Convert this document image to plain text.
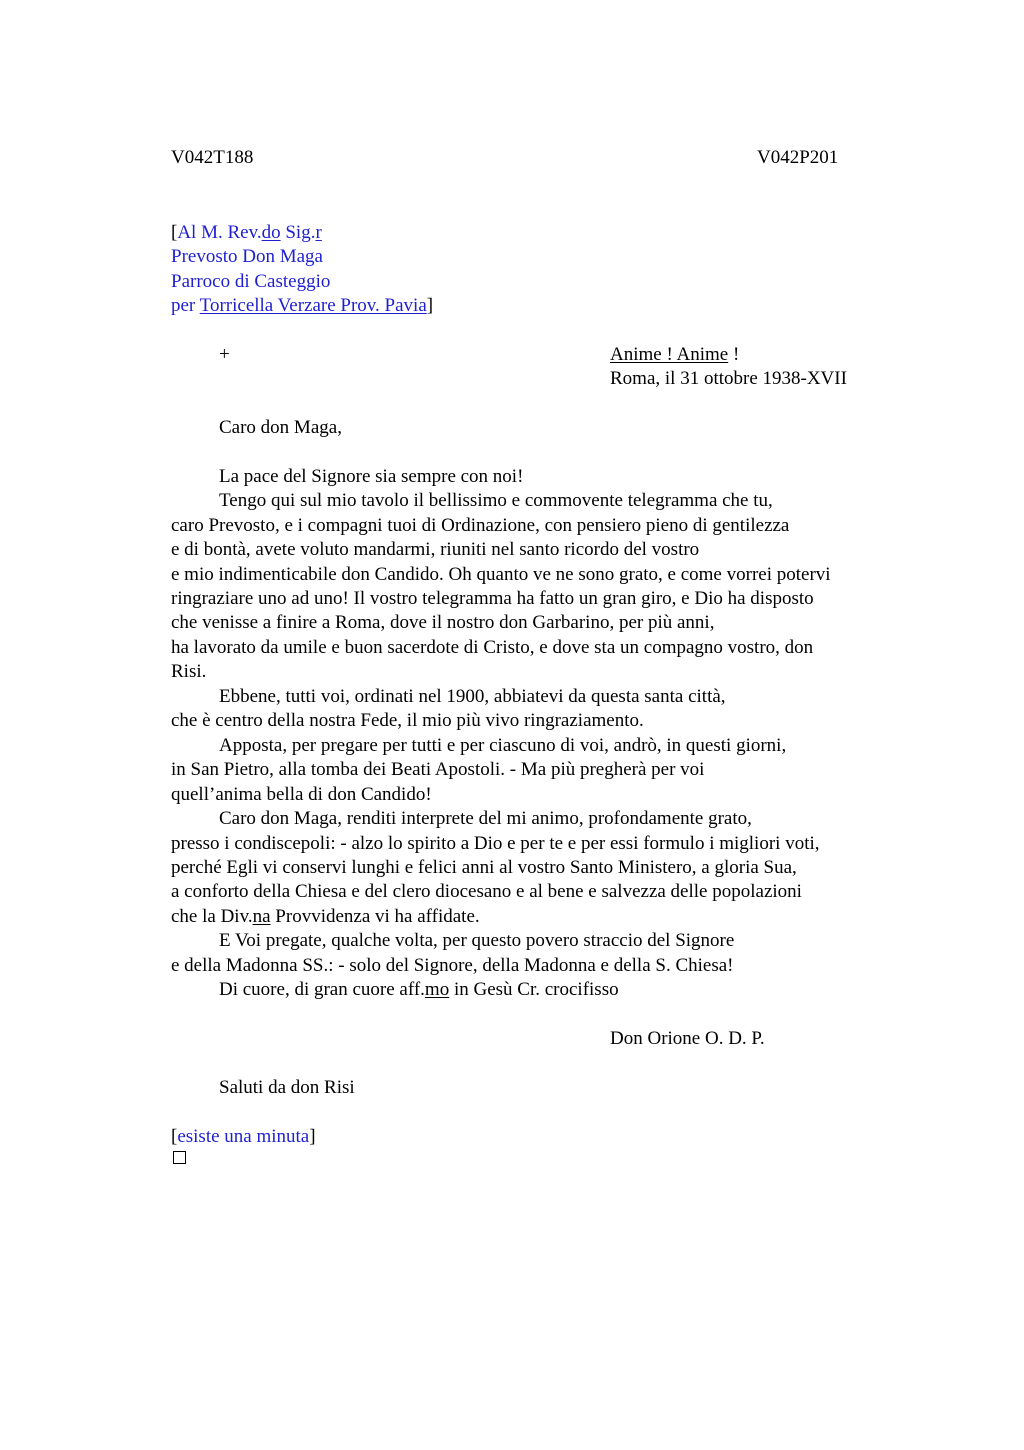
V042T188	V042P201
[Al M. Rev.do Sig.r
Prevosto Don Maga
Parroco di Casteggio
per Torricella Verzare Prov. Pavia]
+	Anime ! Anime !
Roma, il 31 ottobre 1938-XVII
Caro don Maga,
La pace del Signore sia sempre con noi!
Tengo qui sul mio tavolo il bellissimo e commovente telegramma che tu,
caro Prevosto, e i compagni tuoi di Ordinazione, con pensiero pieno di gentilezza
e di bontà, avete voluto mandarmi, riuniti nel santo ricordo del vostro
e mio indimenticabile don Candido. Oh quanto ve ne sono grato, e come vorrei potervi
ringraziare uno ad uno! Il vostro telegramma ha fatto un gran giro, e Dio ha disposto
che venisse a finire a Roma, dove il nostro don Garbarino, per più anni,
ha lavorato da umile e buon sacerdote di Cristo, e dove sta un compagno vostro, don
Risi.
Ebbene, tutti voi, ordinati nel 1900, abbiatevi da questa santa città,
che è centro della nostra Fede, il mio più vivo ringraziamento.
Apposta, per pregare per tutti e per ciascuno di voi, andrò, in questi giorni,
in San Pietro, alla tomba dei Beati Apostoli. - Ma più pregherà per voi
quell’anima bella di don Candido!
Caro don Maga, renditi interprete del mi animo, profondamente grato,
presso i condiscepoli: - alzo lo spirito a Dio e per te e per essi formulo i migliori voti,
perché Egli vi conservi lunghi e felici anni al vostro Santo Ministero, a gloria Sua,
a conforto della Chiesa e del clero diocesano e al bene e salvezza delle popolazioni
che la Div.na Provvidenza vi ha affidate.
E Voi pregate, qualche volta, per questo povero straccio del Signore
e della Madonna SS.: - solo del Signore, della Madonna e della S. Chiesa!
Di cuore, di gran cuore aff.mo in Gesù Cr. crocifisso
Don Orione O. D. P.
Saluti da don Risi
[esiste una minuta]
